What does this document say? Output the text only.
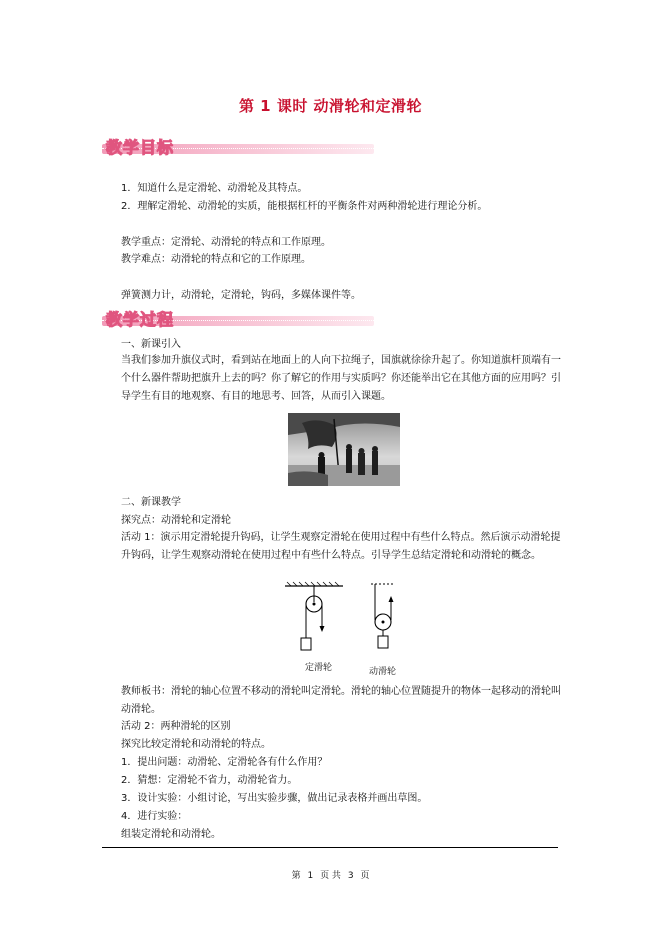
第 1 课时 动滑轮和定滑轮
教学目标
1．知道什么是定滑轮、动滑轮及其特点。
2．理解定滑轮、动滑轮的实质，能根据杠杆的平衡条件对两种滑轮进行理论分析。
教学重点：定滑轮、动滑轮的特点和工作原理。
教学难点：动滑轮的特点和它的工作原理。
弹簧测力计，动滑轮，定滑轮，钩码，多媒体课件等。
教学过程
一、新课引入
当我们参加升旗仪式时，看到站在地面上的人向下拉绳子，国旗就徐徐升起了。你知道旗杆顶端有一个什么器件帮助把旗升上去的吗？你了解它的作用与实质吗？你还能举出它在其他方面的应用吗？引导学生有目的地观察、有目的地思考、回答，从而引入课题。
二、新课教学
探究点：动滑轮和定滑轮
活动 1：演示用定滑轮提升钩码，让学生观察定滑轮在使用过程中有些什么特点。然后演示动滑轮提升钩码，让学生观察动滑轮在使用过程中有些什么特点。引导学生总结定滑轮和动滑轮的概念。
定滑轮	动滑轮
教师板书：滑轮的轴心位置不移动的滑轮叫定滑轮。滑轮的轴心位置随提升的物体一起移动的滑轮叫动滑轮。
活动 2：两种滑轮的区别
探究比较定滑轮和动滑轮的特点。
1．提出问题：动滑轮、定滑轮各有什么作用？
2．猜想：定滑轮不省力，动滑轮省力。
3．设计实验：小组讨论，写出实验步骤，做出记录表格并画出草图。
4．进行实验：
组装定滑轮和动滑轮。
第 1 页 共 3 页
